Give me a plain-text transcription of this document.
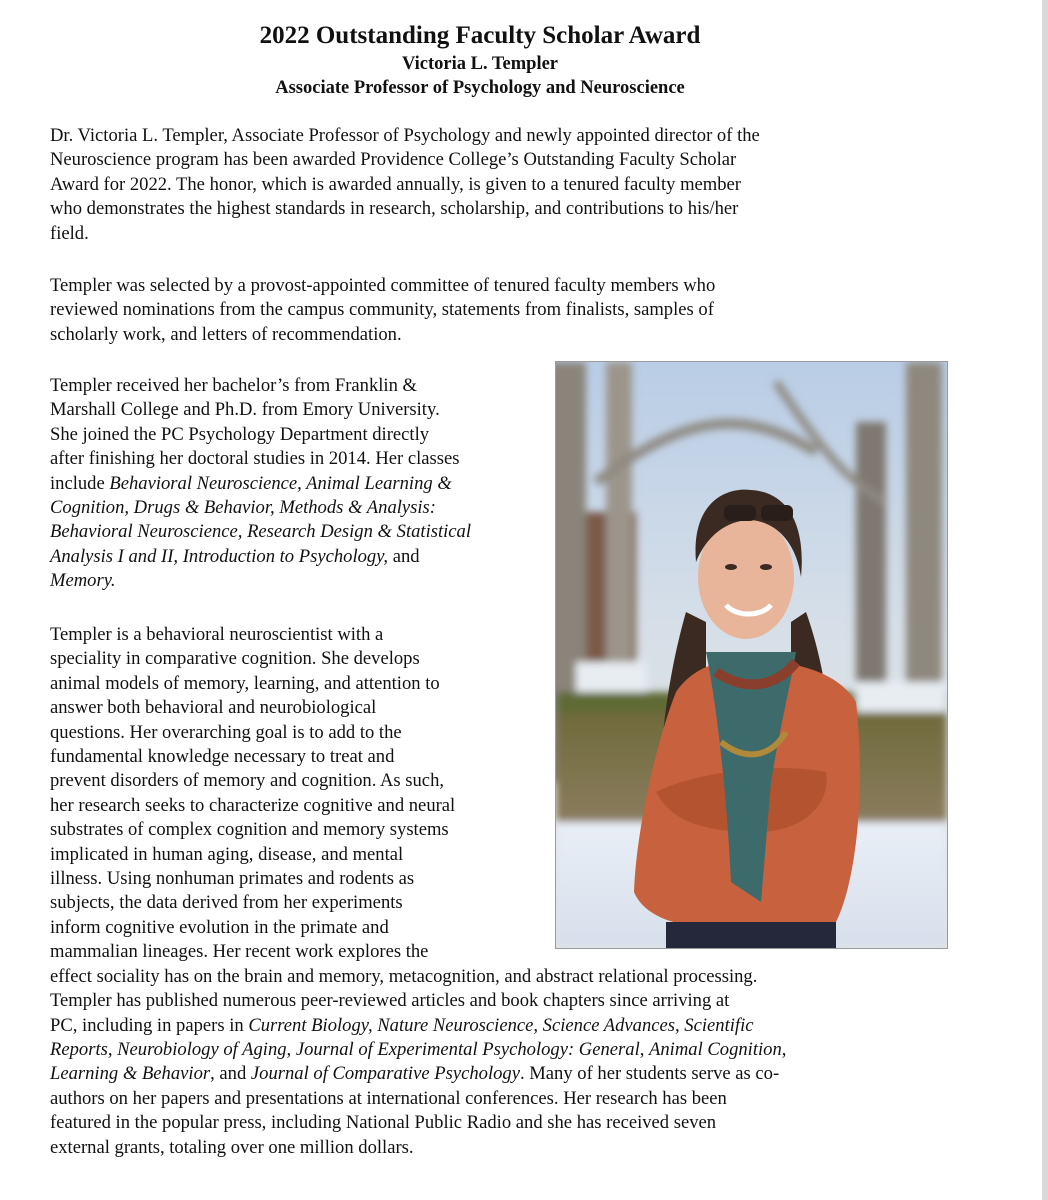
2022 Outstanding Faculty Scholar Award
Victoria L. Templer
Associate Professor of Psychology and Neuroscience
Dr. Victoria L. Templer, Associate Professor of Psychology and newly appointed director of the
Neuroscience program has been awarded Providence College’s Outstanding Faculty Scholar
Award for 2022. The honor, which is awarded annually, is given to a tenured faculty member
who demonstrates the highest standards in research, scholarship, and contributions to his/her
field.
Templer was selected by a provost-appointed committee of tenured faculty members who
reviewed nominations from the campus community, statements from finalists, samples of
scholarly work, and letters of recommendation.
Templer received her bachelor’s from Franklin &
Marshall College and Ph.D. from Emory University.
She joined the PC Psychology Department directly
after finishing her doctoral studies in 2014. Her classes
include Behavioral Neuroscience, Animal Learning &
Cognition, Drugs & Behavior, Methods & Analysis:
Behavioral Neuroscience, Research Design & Statistical
Analysis I and II, Introduction to Psychology, and
Memory.
Templer is a behavioral neuroscientist with a
speciality in comparative cognition. She develops
animal models of memory, learning, and attention to
answer both behavioral and neurobiological
questions. Her overarching goal is to add to the
fundamental knowledge necessary to treat and
prevent disorders of memory and cognition. As such,
her research seeks to characterize cognitive and neural
substrates of complex cognition and memory systems
implicated in human aging, disease, and mental
illness. Using nonhuman primates and rodents as
subjects, the data derived from her experiments
inform cognitive evolution in the primate and
mammalian lineages. Her recent work explores the
effect sociality has on the brain and memory, metacognition, and abstract relational processing.
Templer has published numerous peer-reviewed articles and book chapters since arriving at
PC, including in papers in Current Biology, Nature Neuroscience, Science Advances, Scientific
Reports, Neurobiology of Aging, Journal of Experimental Psychology: General, Animal Cognition,
Learning & Behavior, and Journal of Comparative Psychology. Many of her students serve as co-
authors on her papers and presentations at international conferences. Her research has been
featured in the popular press, including National Public Radio and she has received seven
external grants, totaling over one million dollars.
